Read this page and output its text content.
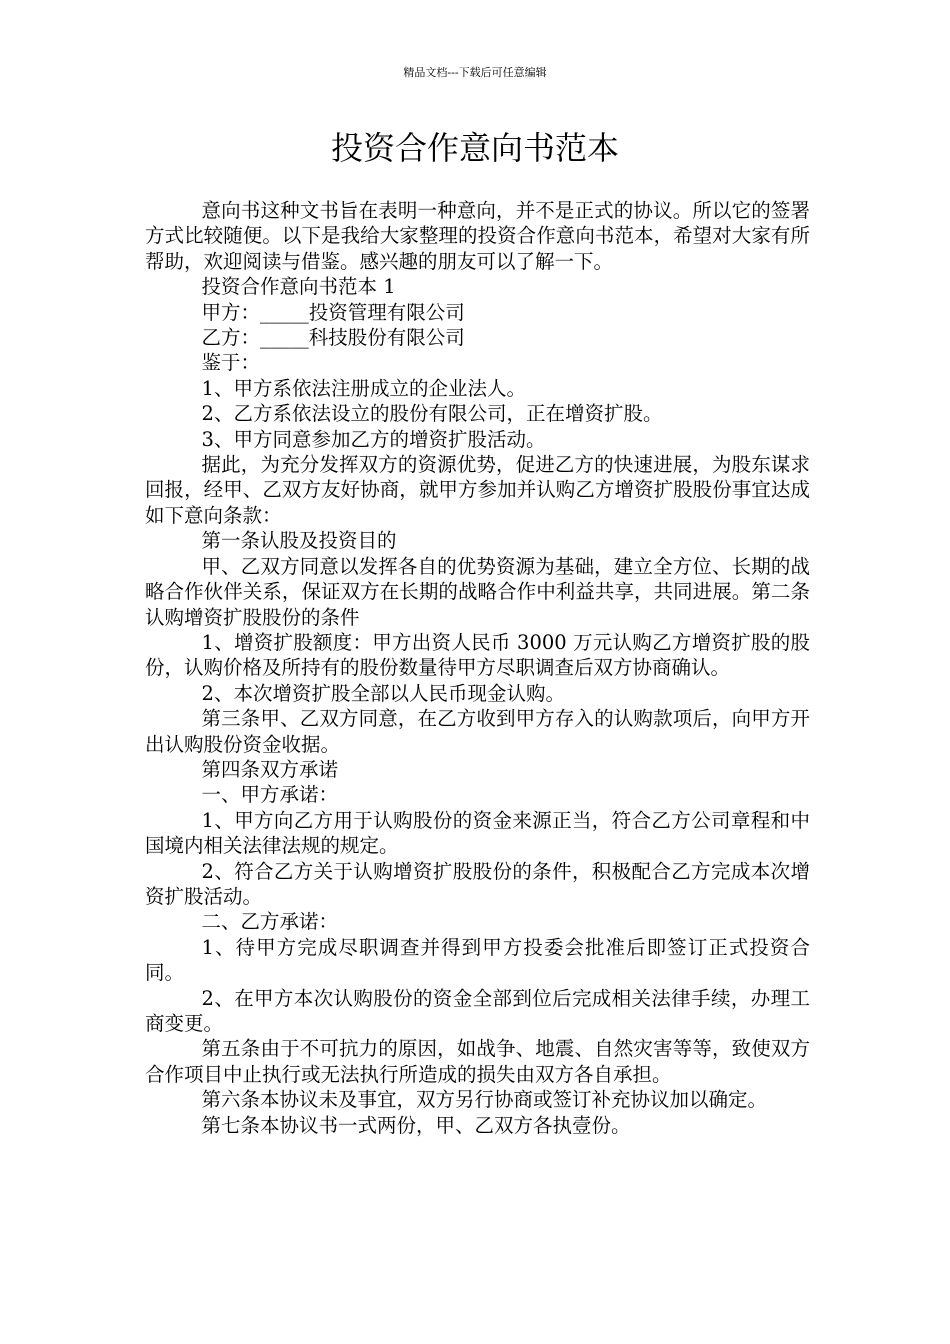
精品文档---下载后可任意编辑
投资合作意向书范本

意向书这种文书旨在表明一种意向，并不是正式的协议。所以它的签署方式比较随便。以下是我给大家整理的投资合作意向书范本，希望对大家有所帮助，欢迎阅读与借鉴。感兴趣的朋友可以了解一下。

投资合作意向书范本 1

甲方：_____投资管理有限公司

乙方：_____科技股份有限公司

鉴于：

1、甲方系依法注册成立的企业法人。

2、乙方系依法设立的股份有限公司，正在增资扩股。

3、甲方同意参加乙方的增资扩股活动。

据此，为充分发挥双方的资源优势，促进乙方的快速进展，为股东谋求回报，经甲、乙双方友好协商，就甲方参加并认购乙方增资扩股股份事宜达成如下意向条款：

第一条认股及投资目的

甲、乙双方同意以发挥各自的优势资源为基础，建立全方位、长期的战略合作伙伴关系，保证双方在长期的战略合作中利益共享，共同进展。第二条认购增资扩股股份的条件

1、增资扩股额度：甲方出资人民币 3000 万元认购乙方增资扩股的股份，认购价格及所持有的股份数量待甲方尽职调查后双方协商确认。

2、本次增资扩股全部以人民币现金认购。

第三条甲、乙双方同意，在乙方收到甲方存入的认购款项后，向甲方开出认购股份资金收据。

第四条双方承诺

一、甲方承诺：

1、甲方向乙方用于认购股份的资金来源正当，符合乙方公司章程和中国境内相关法律法规的规定。

2、符合乙方关于认购增资扩股股份的条件，积极配合乙方完成本次增资扩股活动。

二、乙方承诺：

1、待甲方完成尽职调查并得到甲方投委会批准后即签订正式投资合同。

2、在甲方本次认购股份的资金全部到位后完成相关法律手续，办理工商变更。

第五条由于不可抗力的原因，如战争、地震、自然灾害等等，致使双方合作项目中止执行或无法执行所造成的损失由双方各自承担。

第六条本协议未及事宜，双方另行协商或签订补充协议加以确定。

第七条本协议书一式两份，甲、乙双方各执壹份。
